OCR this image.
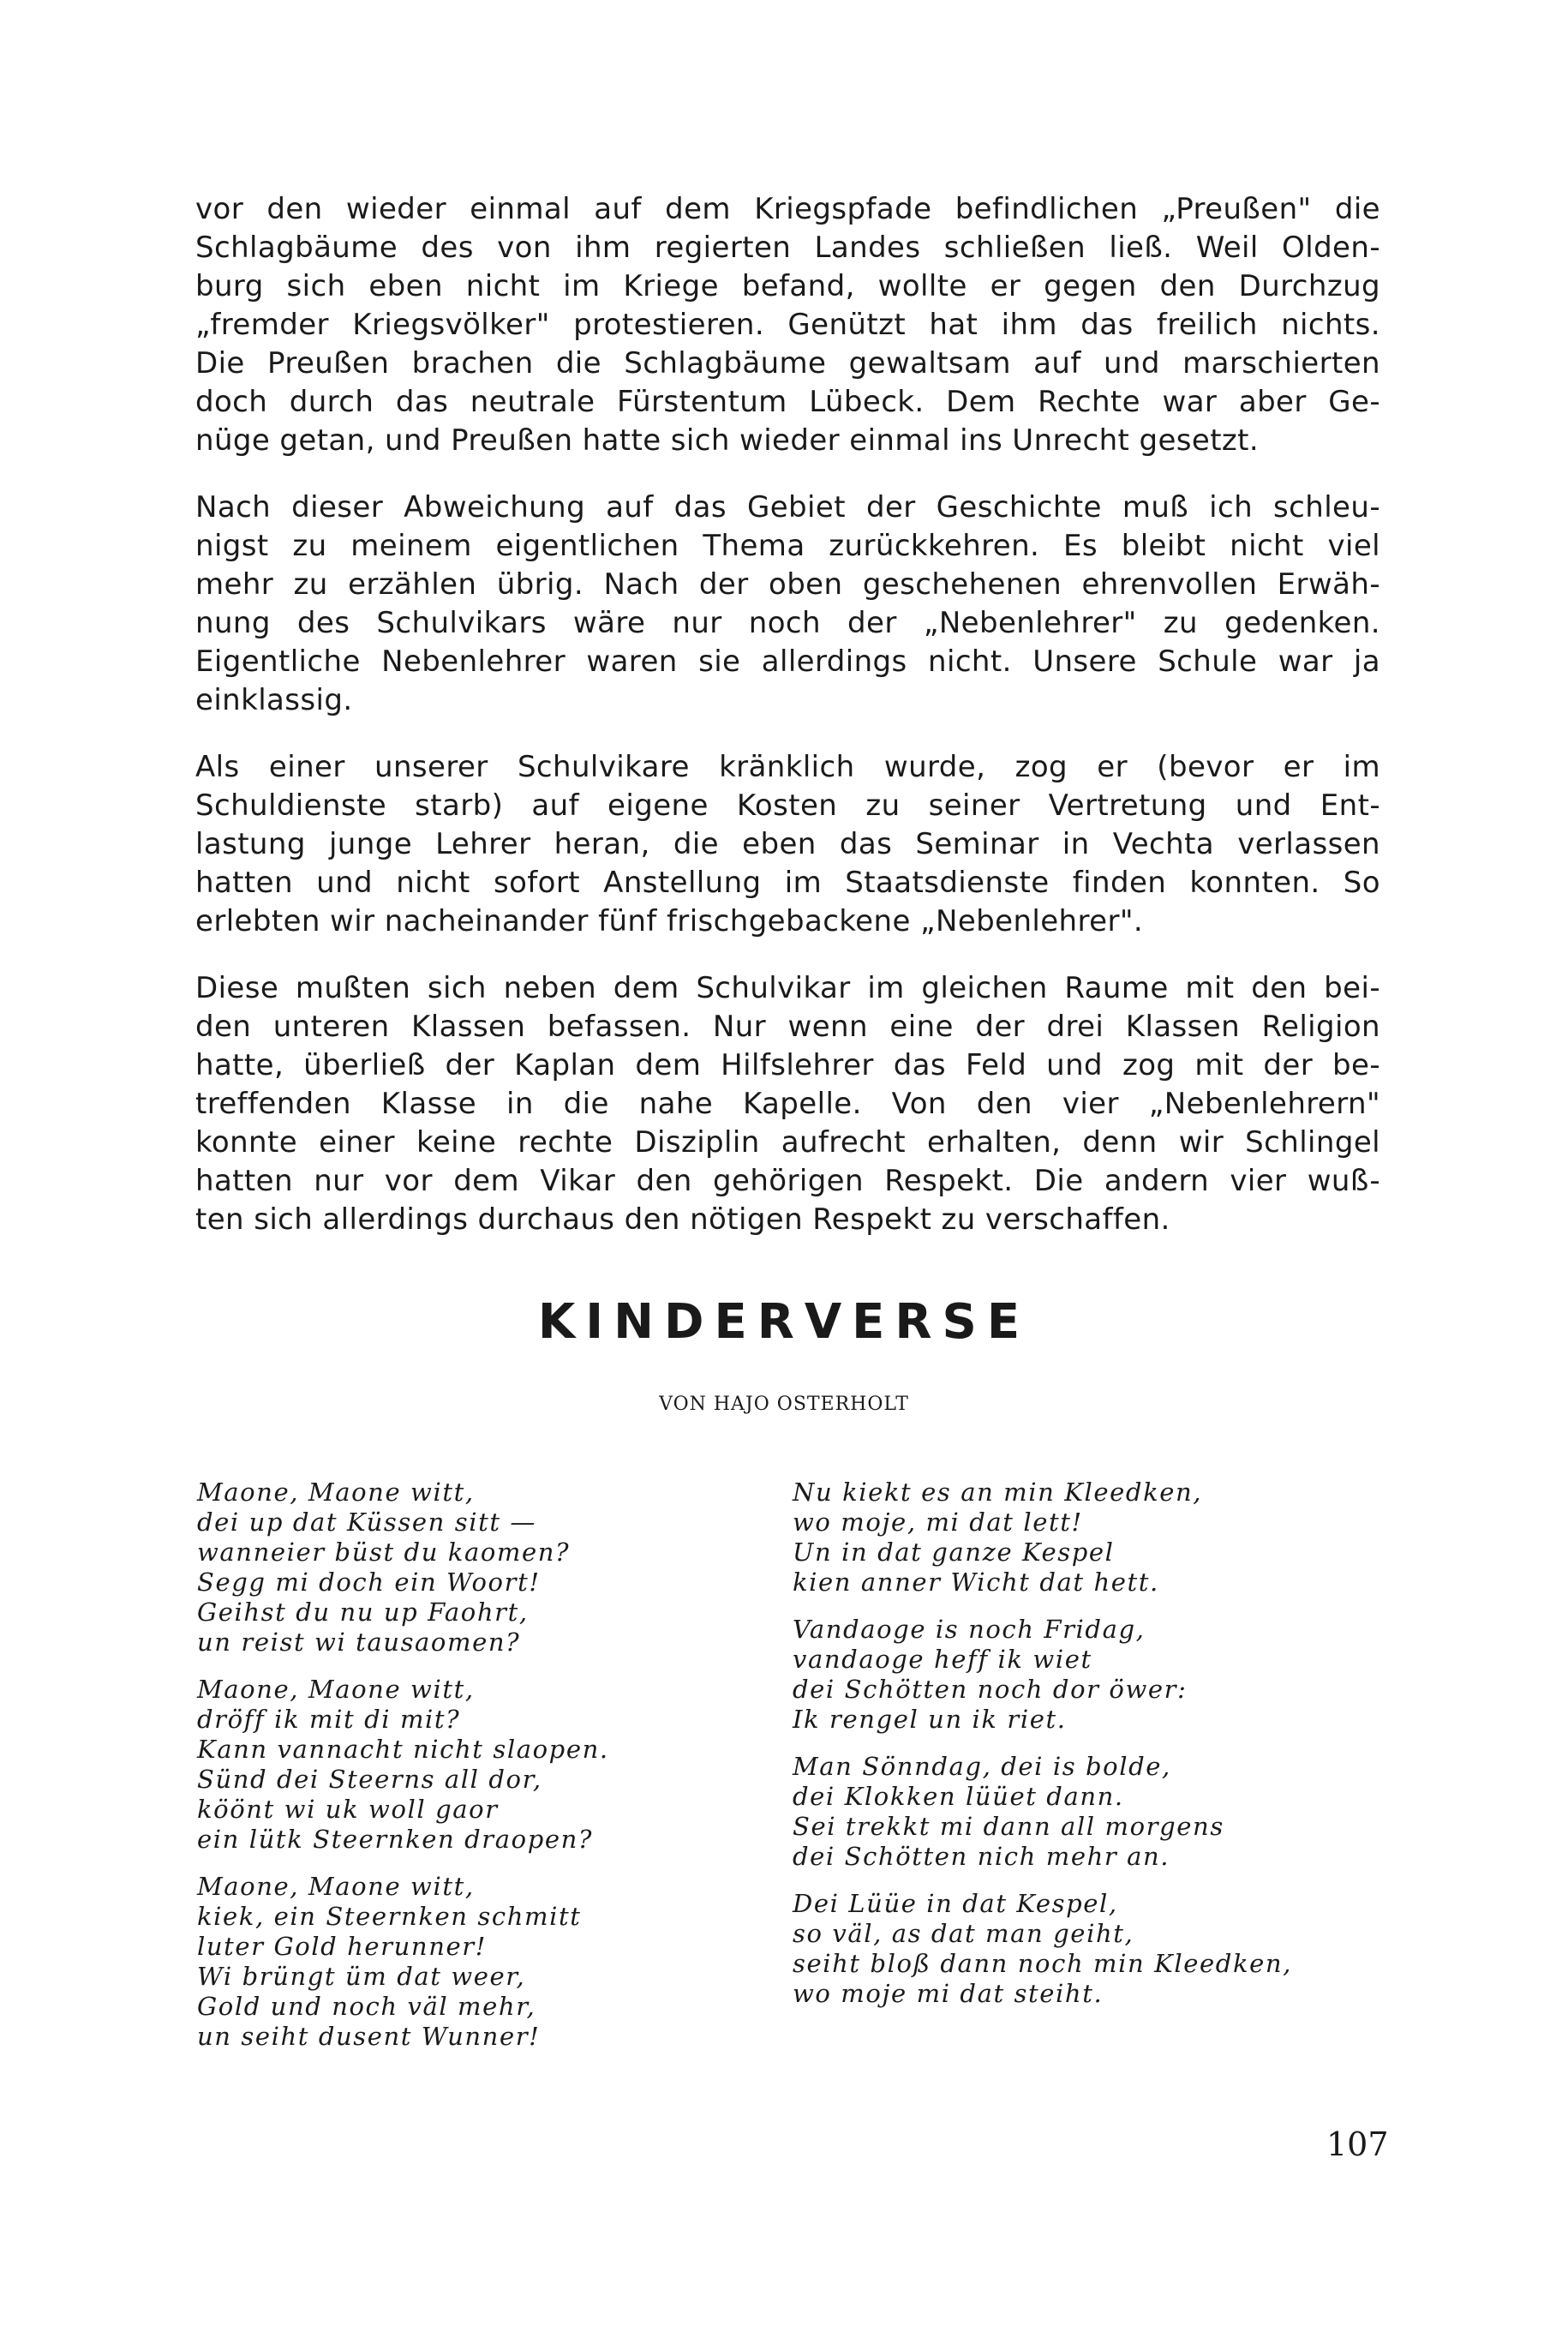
vor den wieder einmal auf dem Kriegspfade befindlichen „Preußen" die
Schlagbäume des von ihm regierten Landes schließen ließ. Weil Olden-
burg sich eben nicht im Kriege befand, wollte er gegen den Durchzug
„fremder Kriegsvölker" protestieren. Genützt hat ihm das freilich nichts.
Die Preußen brachen die Schlagbäume gewaltsam auf und marschierten
doch durch das neutrale Fürstentum Lübeck. Dem Rechte war aber Ge-
nüge getan, und Preußen hatte sich wieder einmal ins Unrecht gesetzt.

Nach dieser Abweichung auf das Gebiet der Geschichte muß ich schleu-
nigst zu meinem eigentlichen Thema zurückkehren. Es bleibt nicht viel
mehr zu erzählen übrig. Nach der oben geschehenen ehrenvollen Erwäh-
nung des Schulvikars wäre nur noch der „Nebenlehrer" zu gedenken.
Eigentliche Nebenlehrer waren sie allerdings nicht. Unsere Schule war ja
einklassig.

Als einer unserer Schulvikare kränklich wurde, zog er (bevor er im
Schuldienste starb) auf eigene Kosten zu seiner Vertretung und Ent-
lastung junge Lehrer heran, die eben das Seminar in Vechta verlassen
hatten und nicht sofort Anstellung im Staatsdienste finden konnten. So
erlebten wir nacheinander fünf frischgebackene „Nebenlehrer".

Diese mußten sich neben dem Schulvikar im gleichen Raume mit den bei-
den unteren Klassen befassen. Nur wenn eine der drei Klassen Religion
hatte, überließ der Kaplan dem Hilfslehrer das Feld und zog mit der be-
treffenden Klasse in die nahe Kapelle. Von den vier „Nebenlehrern"
konnte einer keine rechte Disziplin aufrecht erhalten, denn wir Schlingel
hatten nur vor dem Vikar den gehörigen Respekt. Die andern vier wuß-
ten sich allerdings durchaus den nötigen Respekt zu verschaffen.

KINDERVERSE

VON HAJO OSTERHOLT

Maone, Maone witt,
dei up dat Küssen sitt —
wanneier büst du kaomen?
Segg mi doch ein Woort!
Geihst du nu up Faohrt,
un reist wi tausaomen?
Maone, Maone witt,
dröff ik mit di mit?
Kann vannacht nicht slaopen.
Sünd dei Steerns all dor,
köönt wi uk woll gaor
ein lütk Steernken draopen?
Maone, Maone witt,
kiek, ein Steernken schmitt
luter Gold herunner!
Wi brüngt üm dat weer,
Gold und noch väl mehr,
un seiht dusent Wunner!
Nu kiekt es an min Kleedken,
wo moje, mi dat lett!
Un in dat ganze Kespel
kien anner Wicht dat hett.
Vandaoge is noch Fridag,
vandaoge heff ik wiet
dei Schötten noch dor öwer:
Ik rengel un ik riet.
Man Sönndag, dei is bolde,
dei Klokken lüüet dann.
Sei trekkt mi dann all morgens
dei Schötten nich mehr an.
Dei Lüüe in dat Kespel,
so väl, as dat man geiht,
seiht bloß dann noch min Kleedken,
wo moje mi dat steiht.

107
